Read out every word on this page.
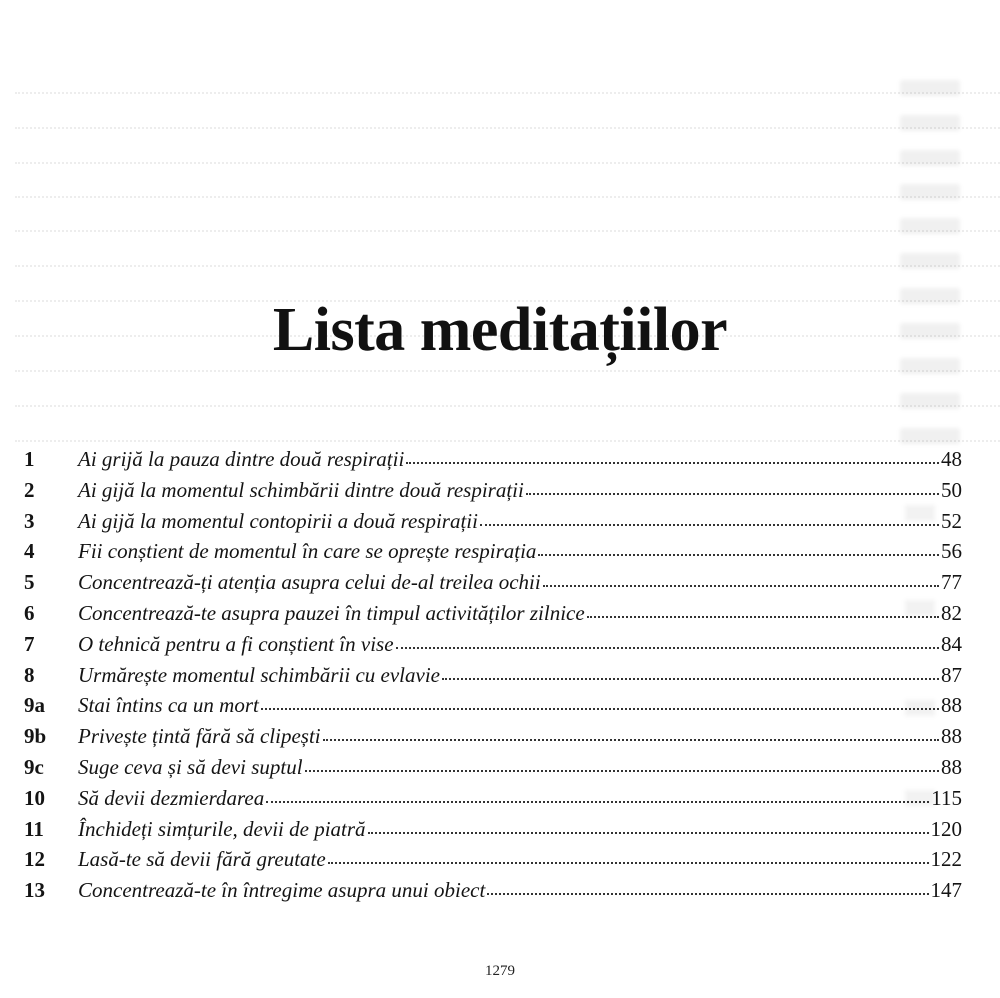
Lista meditațiilor
1	Ai grijă la pauza dintre două respirații	48
2	Ai gijă la momentul schimbării dintre două respirații	50
3	Ai gijă la momentul contopirii a două respirații	52
4	Fii conștient de momentul în care se oprește respirația	56
5	Concentrează-ți atenția asupra celui de-al treilea ochii	77
6	Concentrează-te asupra pauzei în timpul activităților zilnice	82
7	O tehnică pentru a fi conștient în vise	84
8	Urmărește momentul schimbării cu evlavie	87
9a	Stai întins ca un mort	88
9b	Privește țintă fără să clipești	88
9c	Suge ceva și să devi suptul	88
10	Să devii dezmierdarea	115
11	Închideți simțurile, devii de piatră	120
12	Lasă-te să devii fără greutate	122
13	Concentrează-te în întregime asupra unui obiect	147
1279
